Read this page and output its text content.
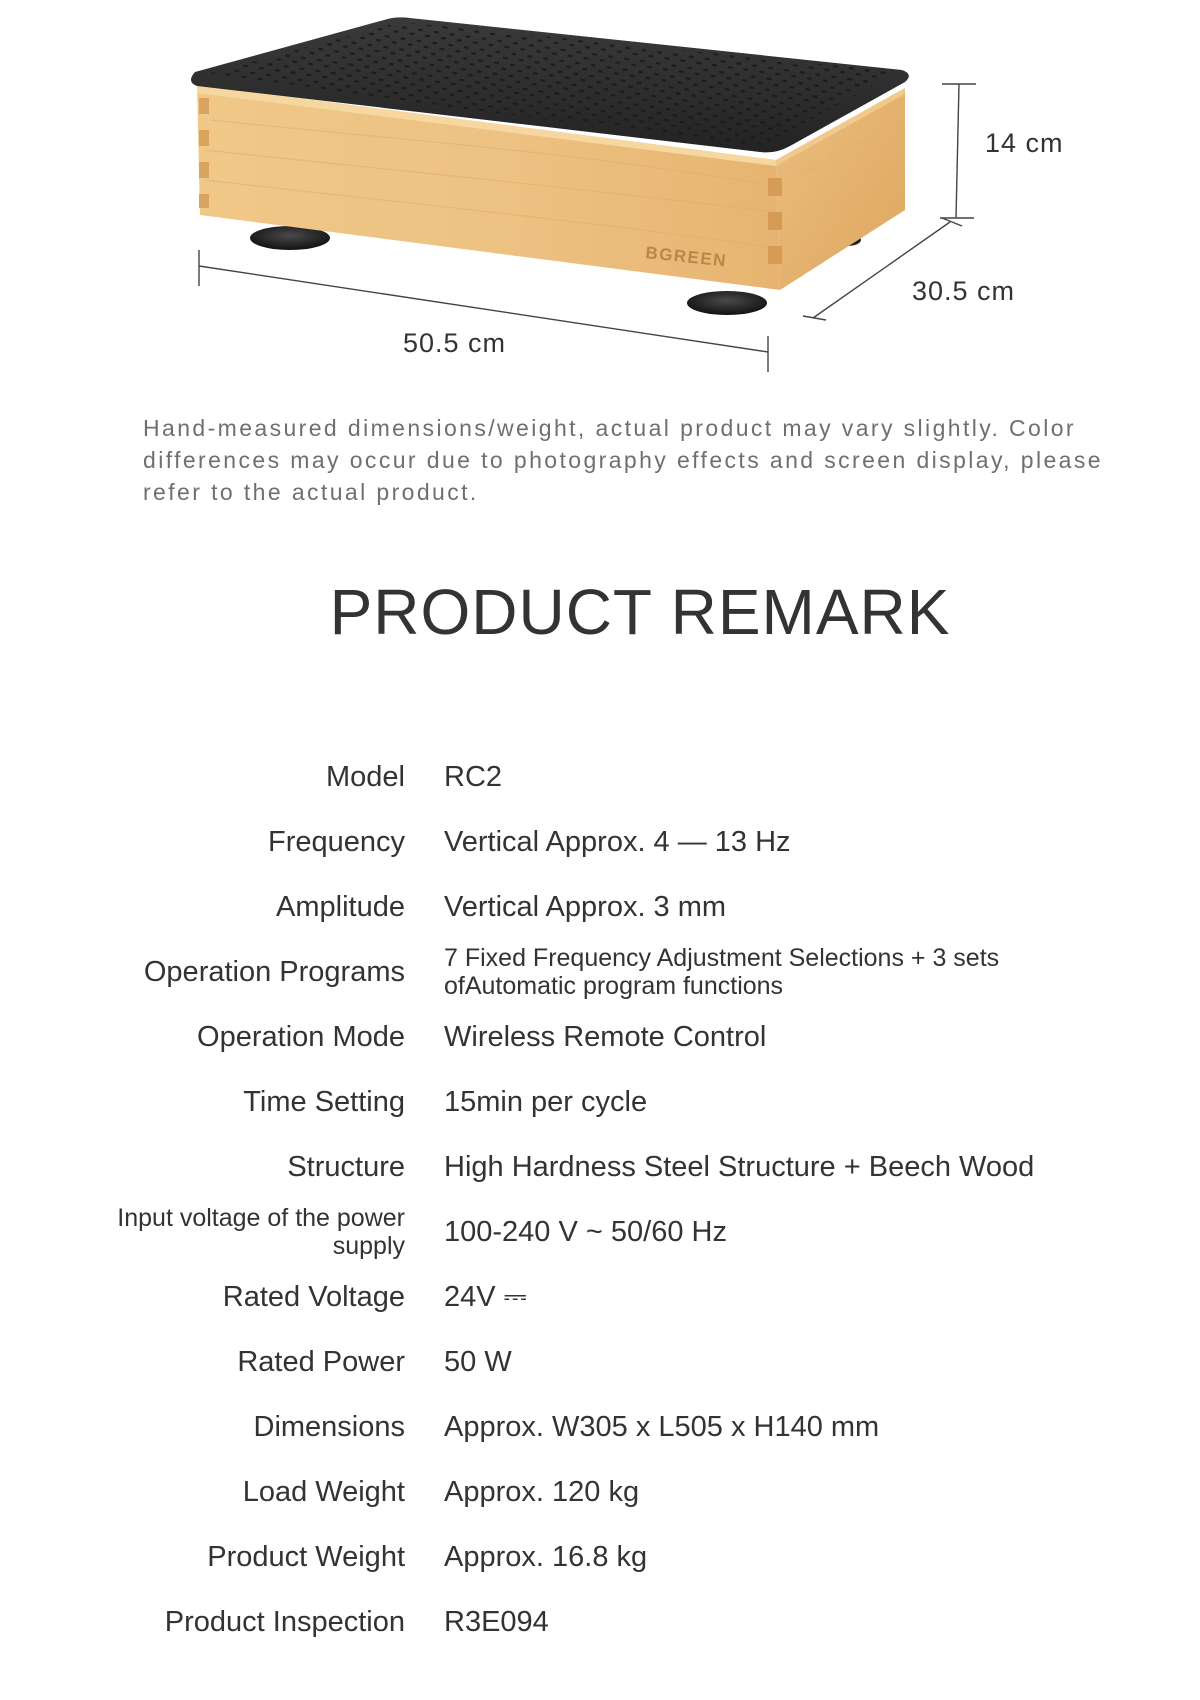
BGREEN
14 cm
30.5 cm
50.5 cm

Hand-measured dimensions/weight, actual product may vary slightly. Color differences may occur due to photography effects and screen display, please refer to the actual product.

PRODUCT REMARK
Model RC2
Frequency Vertical Approx. 4 — 13 Hz
Amplitude Vertical Approx. 3 mm
Operation Programs 7 Fixed Frequency Adjustment Selections + 3 sets ofAutomatic program functions
Operation Mode Wireless Remote Control
Time Setting 15min per cycle
Structure High Hardness Steel Structure + Beech Wood
Input voltage of the power supply 100-240 V ~ 50/60 Hz
Rated Voltage 24V ⎓
Rated Power 50 W
Dimensions Approx. W305 x L505 x H140 mm
Load Weight Approx. 120 kg
Product Weight Approx. 16.8 kg
Product Inspection R3E094
